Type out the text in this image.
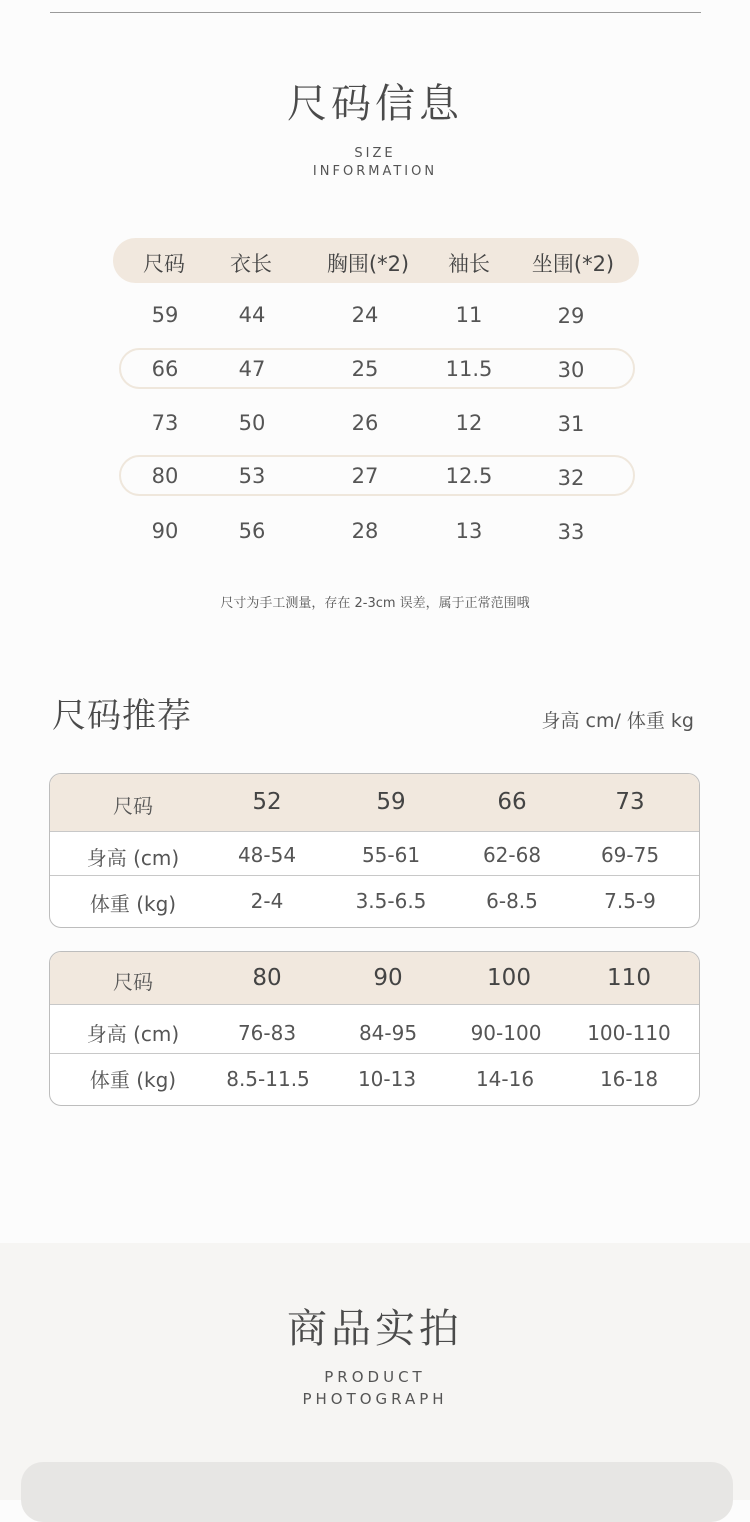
尺码信息
SIZE
INFORMATION
尺码	衣长	胸围(*2)	袖长	坐围(*2)
59	44	24	11	29
66	47	25	11.5	30
73	50	26	12	31
80	53	27	12.5	32
90	56	28	13	33
尺寸为手工测量，存在 2-3cm 误差，属于正常范围哦
尺码推荐	身高 cm/ 体重 kg
尺码	52	59	66	73
身高 (cm)	48-54	55-61	62-68	69-75
体重 (kg)	2-4	3.5-6.5	6-8.5	7.5-9
尺码	80	90	100	110
身高 (cm)	76-83	84-95	90-100	100-110
体重 (kg)	8.5-11.5	10-13	14-16	16-18
商品实拍
PRODUCT
PHOTOGRAPH
